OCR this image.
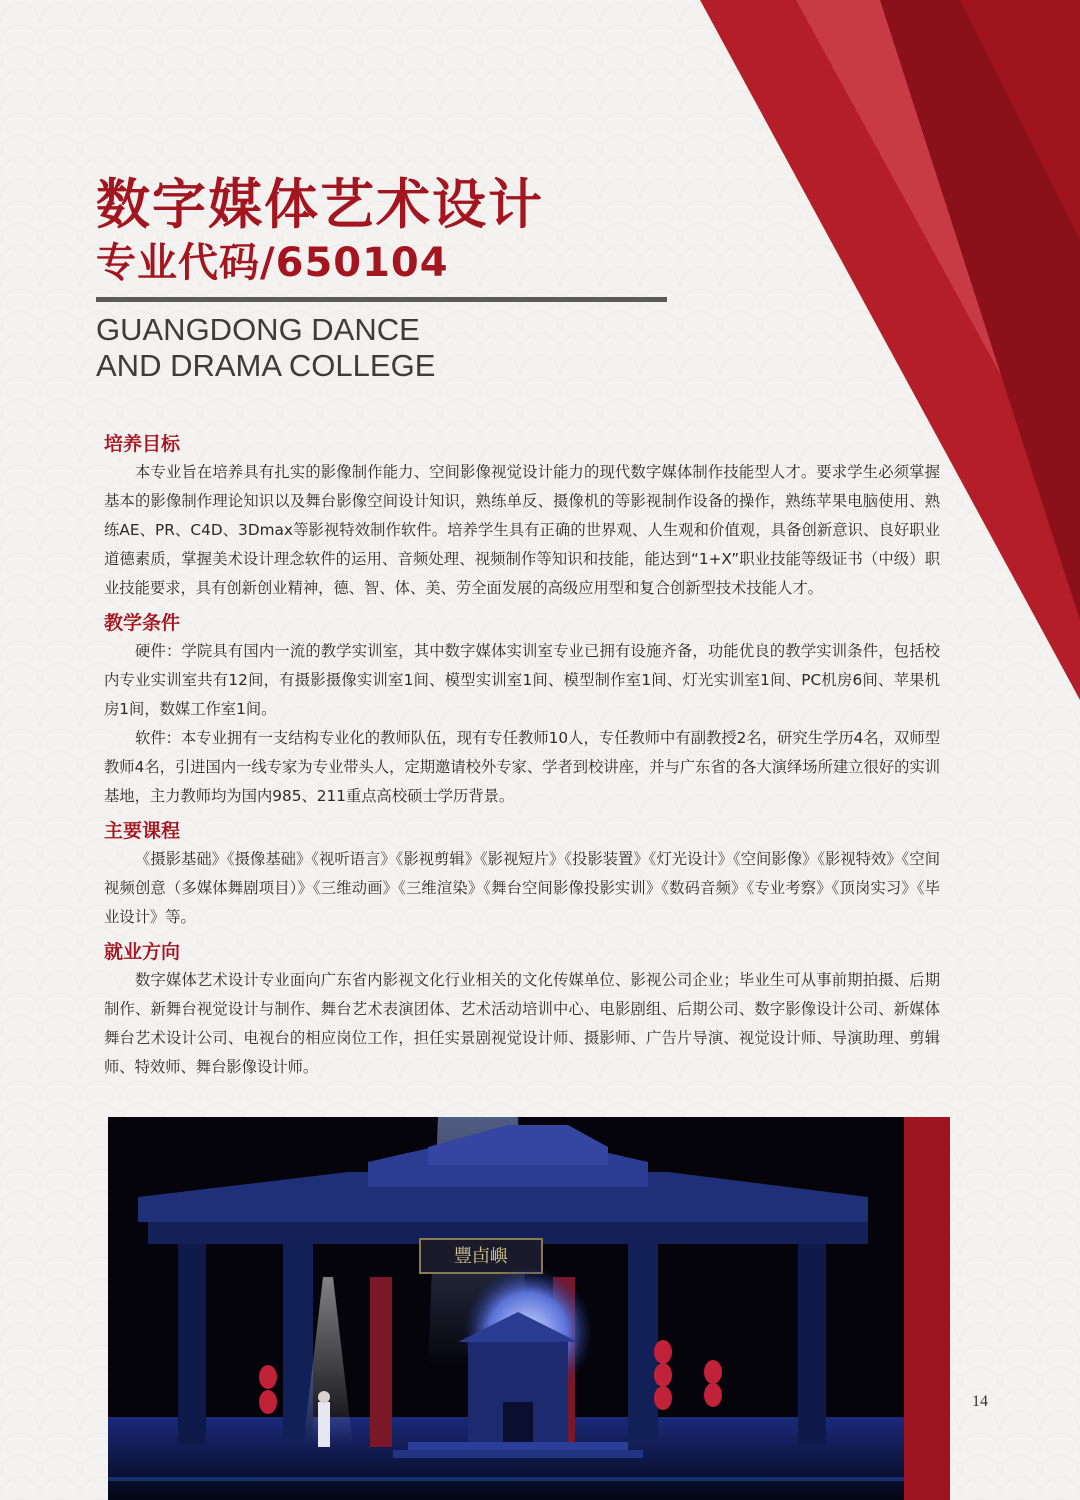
数字媒体艺术设计
专业代码/650104
GUANGDONG DANCE
AND DRAMA COLLEGE
培养目标

本专业旨在培养具有扎实的影像制作能力、空间影像视觉设计能力的现代数字媒体制作技能型人才。要求学生必须掌握基本的影像制作理论知识以及舞台影像空间设计知识，熟练单反、摄像机的等影视制作设备的操作，熟练苹果电脑使用、熟练AE、PR、C4D、3Dmax等影视特效制作软件。培养学生具有正确的世界观、人生观和价值观，具备创新意识、良好职业道德素质，掌握美术设计理念软件的运用、音频处理、视频制作等知识和技能，能达到“1+X”职业技能等级证书（中级）职业技能要求，具有创新创业精神，德、智、体、美、劳全面发展的高级应用型和复合创新型技术技能人才。

教学条件

硬件：学院具有国内一流的教学实训室，其中数字媒体实训室专业已拥有设施齐备，功能优良的教学实训条件，包括校内专业实训室共有12间，有摄影摄像实训室1间、模型实训室1间、模型制作室1间、灯光实训室1间、PC机房6间、苹果机房1间，数媒工作室1间。

软件：本专业拥有一支结构专业化的教师队伍，现有专任教师10人，专任教师中有副教授2名，研究生学历4名，双师型教师4名，引进国内一线专家为专业带头人，定期邀请校外专家、学者到校讲座，并与广东省的各大演绎场所建立很好的实训基地，主力教师均为国内985、211重点高校硕士学历背景。

主要课程

《摄影基础》《摄像基础》《视听语言》《影视剪辑》《影视短片》《投影装置》《灯光设计》《空间影像》《影视特效》《空间视频创意（多媒体舞剧项目）》《三维动画》《三维渲染》《舞台空间影像投影实训》《数码音频》《专业考察》《顶岗实习》《毕业设计》等。

就业方向

数字媒体艺术设计专业面向广东省内影视文化行业相关的文化传媒单位、影视公司企业；毕业生可从事前期拍摄、后期制作、新舞台视觉设计与制作、舞台艺术表演团体、艺术活动培训中心、电影剧组、后期公司、数字影像设计公司、新媒体舞台艺术设计公司、电视台的相应岗位工作，担任实景剧视觉设计师、摄影师、广告片导演、视觉设计师、导演助理、剪辑师、特效师、舞台影像设计师。

豐卣嶼
14
